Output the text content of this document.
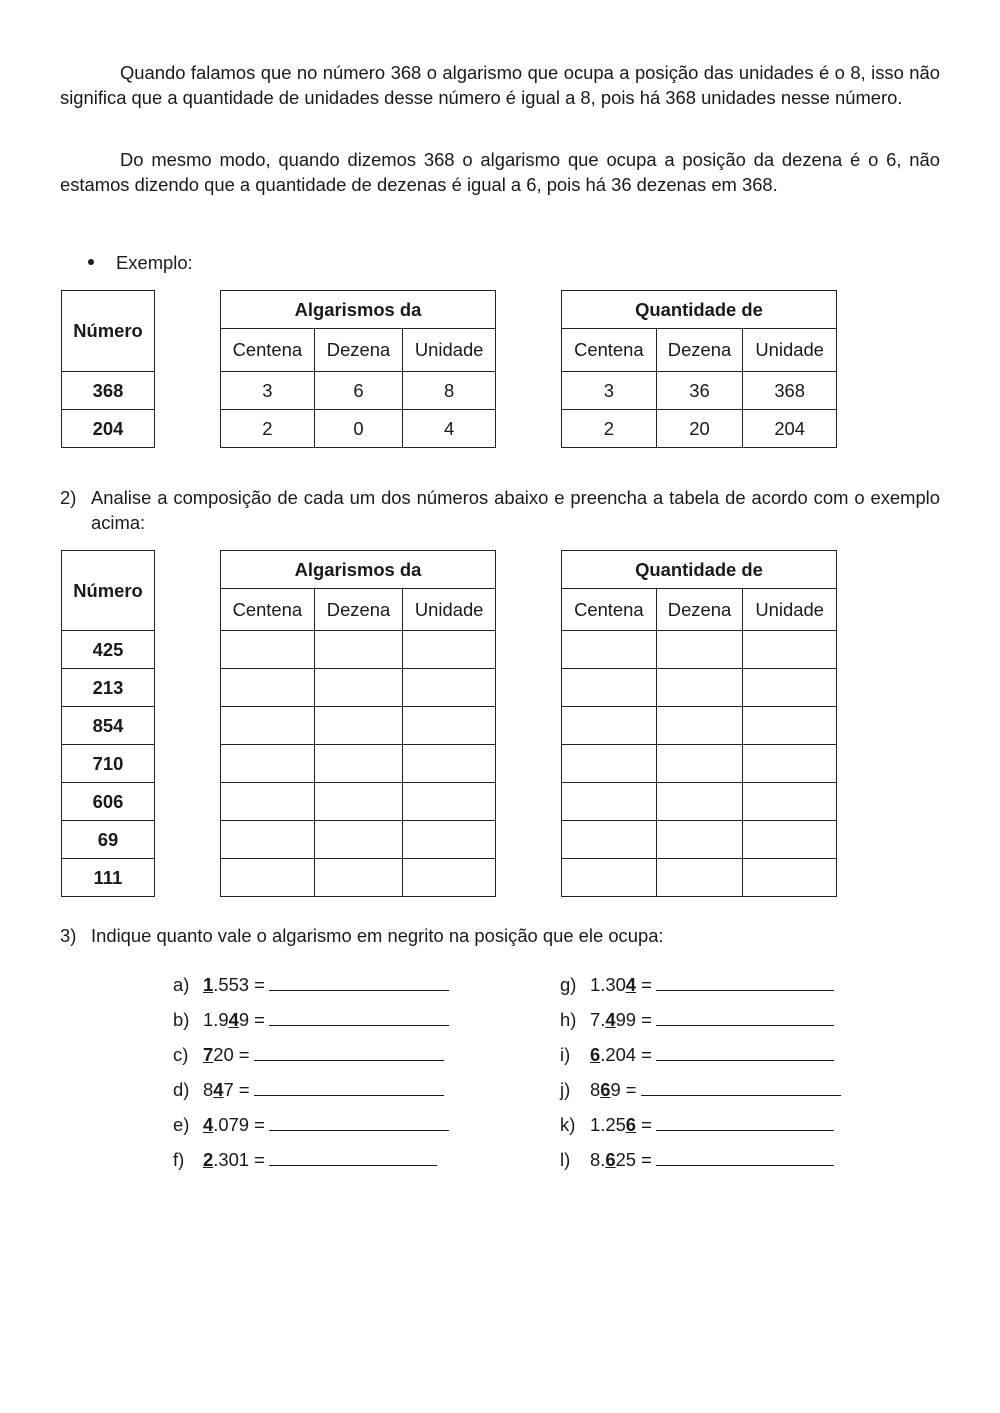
Quando falamos que no número 368 o algarismo que ocupa a posição das unidades é o 8, isso não significa que a quantidade de unidades desse número é igual a 8, pois há 368 unidades nesse número.
Do mesmo modo, quando dizemos 368 o algarismo que ocupa a posição da dezena é o 6, não estamos dizendo que a quantidade de dezenas é igual a 6, pois há 36 dezenas em 368.
Exemplo:
Número
368
204
Algarismos da		
Centena	Dezena	Unidade
3	6	8
2	0	4
Quantidade de		
Centena	Dezena	Unidade
3	36	368
2	20	204
2) Analise a composição de cada um dos números abaixo e preencha a tabela de acordo com o exemplo acima:
Número
425
213
854
710
606
69
111
Algarismos da		
Centena	Dezena	Unidade

Quantidade de		
Centena	Dezena	Unidade

3) Indique quanto vale o algarismo em negrito na posição que ele ocupa:
a) 1.553 =
b) 1.949 =
c) 720 =
d) 847 =
e) 4.079 =
f) 2.301 =
g) 1.304 =
h) 7.499 =
i) 6.204 =
j) 869 =
k) 1.256 =
l) 8.625 =
